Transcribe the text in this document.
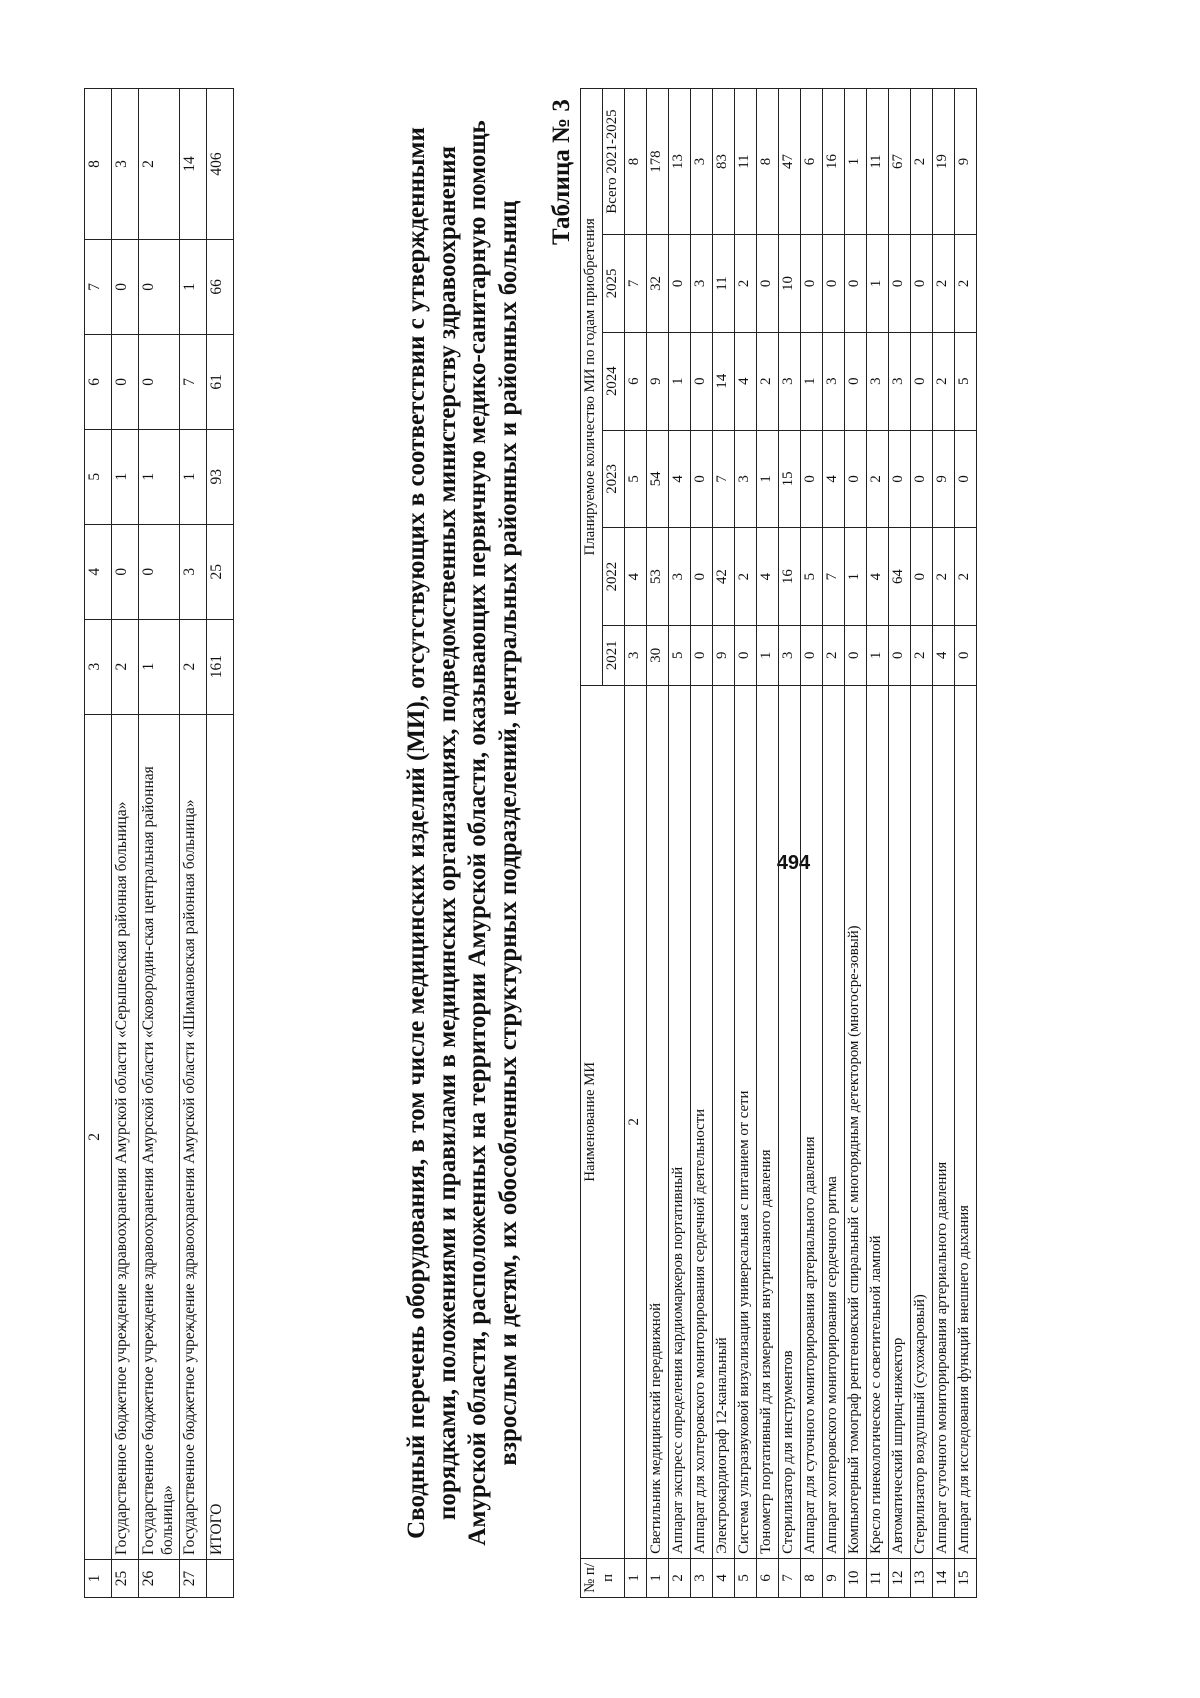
494
1	2	3	4	5	6	7	8
25	Государственное бюджетное учреждение здравоохранения Амурской области «Серышевская районная больница»	2	0	1	0	0	3
26	Государственное бюджетное учреждение здравоохранения Амурской области «Сковородин-ская центральная районная больница»	1	0	1	0	0	2
27	Государственное бюджетное учреждение здравоохранения Амурской области «Шимановская районная больница»	2	3	1	7	1	14
	ИТОГО	161	25	93	61	66	406	Сводный перечень оборудования, в том числе медицинских изделий (МИ), отсутствующих в соответствии с утвержденными порядками, положениями и правилами в медицинских организациях, подведомственных министерству здравоохранения Амурской области, расположенных на территории Амурской области, оказывающих первичную медико-санитарную помощь взрослым и детям, их обособленных структурных подразделений, центральных районных и районных больниц
Таблица № 3
№ п/п	Наименование МИ	Планируемое количество МИ по годам приобретения					
		2021	2022	2023	2024	2025	Всего 2021-2025
1	2	3	4	5	6	7	8
1	Светильник медицинский передвижной	30	53	54	9	32	178
2	Аппарат экспресс определения кардиомаркеров портативный	5	3	4	1	0	13
3	Аппарат для холтеровского мониторирования сердечной деятельности	0	0	0	0	3	3
4	Электрокардиограф 12-канальный	9	42	7	14	11	83
5	Система ультразвуковой визуализации универсальная с питанием от сети	0	2	3	4	2	11
6	Тонометр портативный для измерения внутриглазного давления	1	4	1	2	0	8
7	Стерилизатор для инструментов	3	16	15	3	10	47
8	Аппарат для суточного мониторирования артериального давления	0	5	0	1	0	6
9	Аппарат холтеровского мониторирования сердечного ритма	2	7	4	3	0	16
10	Компьютерный томограф рентгеновский спиральный с многорядным детектором (многосре-зовый)	0	1	0	0	0	1
11	Кресло гинекологическое с осветительной лампой	1	4	2	3	1	11
12	Автоматический шприц-инжектор	0	64	0	3	0	67
13	Стерилизатор воздушный (сухожаровый)	2	0	0	0	0	2
14	Аппарат суточного мониторирования артериального давления	4	2	9	2	2	19
15	Аппарат для исследования функций внешнего дыхания	0	2	0	5	2	9
